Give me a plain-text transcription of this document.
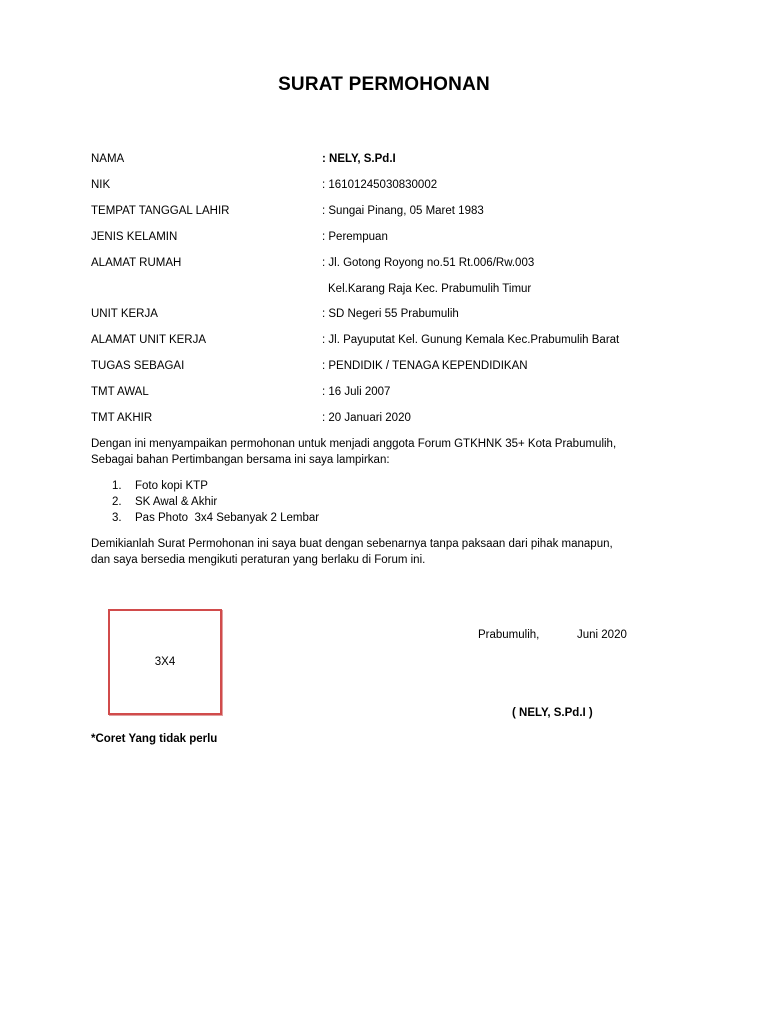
SURAT PERMOHONAN
NAMA	: NELY, S.Pd.I
NIK	: 16101245030830002
TEMPAT TANGGAL LAHIR	: Sungai Pinang, 05 Maret 1983
JENIS KELAMIN	: Perempuan
ALAMAT RUMAH	: Jl. Gotong Royong no.51 Rt.006/Rw.003
Kel.Karang Raja Kec. Prabumulih Timur
UNIT KERJA	: SD Negeri 55 Prabumulih
ALAMAT UNIT KERJA	: Jl. Payuputat Kel. Gunung Kemala Kec.Prabumulih Barat
TUGAS SEBAGAI	: PENDIDIK / TENAGA KEPENDIDIKAN
TMT AWAL	: 16 Juli 2007
TMT AKHIR	: 20 Januari 2020
Dengan ini menyampaikan permohonan untuk menjadi anggota Forum GTKHNK 35+ Kota Prabumulih,
Sebagai bahan Pertimbangan bersama ini saya lampirkan:
1. Foto kopi KTP
2. SK Awal & Akhir
3. Pas Photo  3x4 Sebanyak 2 Lembar
Demikianlah Surat Permohonan ini saya buat dengan sebenarnya tanpa paksaan dari pihak manapun,
dan saya bersedia mengikuti peraturan yang berlaku di Forum ini.
3X4
Prabumulih,	Juni 2020
( NELY, S.Pd.I )
*Coret Yang tidak perlu
